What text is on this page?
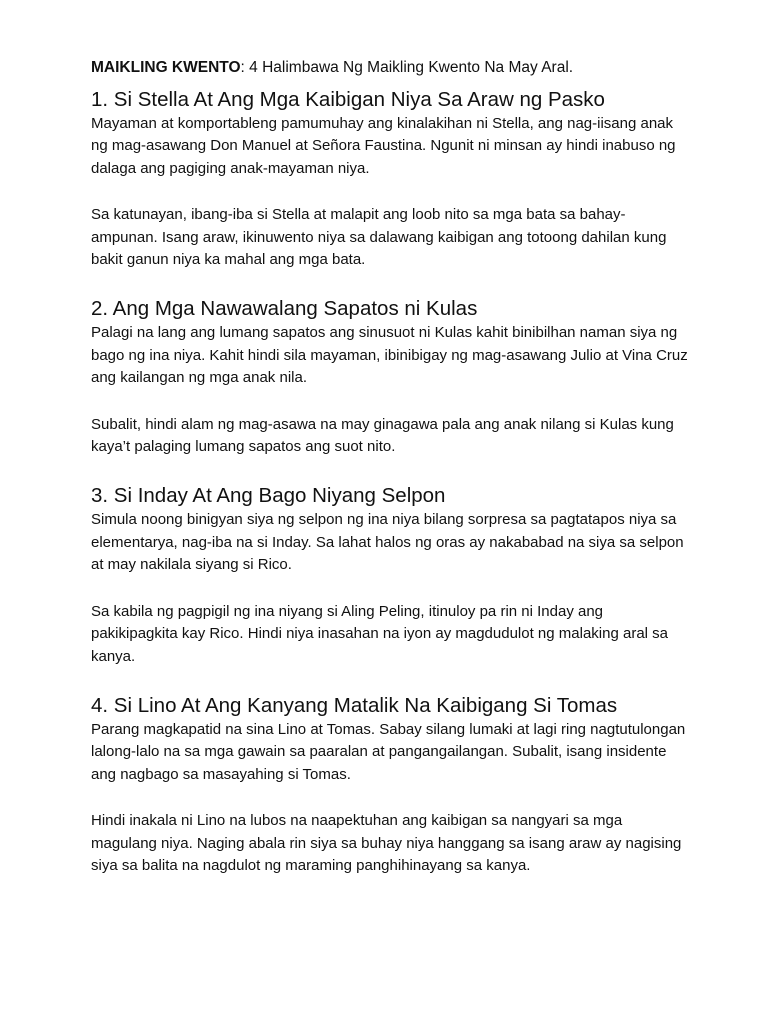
MAIKLING KWENTO: 4 Halimbawa Ng Maikling Kwento Na May Aral.

1. Si Stella At Ang Mga Kaibigan Niya Sa Araw ng Pasko

Mayaman at komportableng pamumuhay ang kinalakihan ni Stella, ang nag-iisang anak ng mag-asawang Don Manuel at Señora Faustina. Ngunit ni minsan ay hindi inabuso ng dalaga ang pagiging anak-mayaman niya.

Sa katunayan, ibang-iba si Stella at malapit ang loob nito sa mga bata sa bahay-ampunan. Isang araw, ikinuwento niya sa dalawang kaibigan ang totoong dahilan kung bakit ganun niya ka mahal ang mga bata.

2. Ang Mga Nawawalang Sapatos ni Kulas

Palagi na lang ang lumang sapatos ang sinusuot ni Kulas kahit binibilhan naman siya ng bago ng ina niya. Kahit hindi sila mayaman, ibinibigay ng mag-asawang Julio at Vina Cruz ang kailangan ng mga anak nila.

Subalit, hindi alam ng mag-asawa na may ginagawa pala ang anak nilang si Kulas kung kaya’t palaging lumang sapatos ang suot nito.

3. Si Inday At Ang Bago Niyang Selpon

Simula noong binigyan siya ng selpon ng ina niya bilang sorpresa sa pagtatapos niya sa elementarya, nag-iba na si Inday. Sa lahat halos ng oras ay nakababad na siya sa selpon at may nakilala siyang si Rico.

Sa kabila ng pagpigil ng ina niyang si Aling Peling, itinuloy pa rin ni Inday ang pakikipagkita kay Rico. Hindi niya inasahan na iyon ay magdudulot ng malaking aral sa kanya.

4. Si Lino At Ang Kanyang Matalik Na Kaibigang Si Tomas

Parang magkapatid na sina Lino at Tomas. Sabay silang lumaki at lagi ring nagtutulongan lalong-lalo na sa mga gawain sa paaralan at pangangailangan. Subalit, isang insidente ang nagbago sa masayahing si Tomas.

Hindi inakala ni Lino na lubos na naapektuhan ang kaibigan sa nangyari sa mga magulang niya. Naging abala rin siya sa buhay niya hanggang sa isang araw ay nagising siya sa balita na nagdulot ng maraming panghihinayang sa kanya.
